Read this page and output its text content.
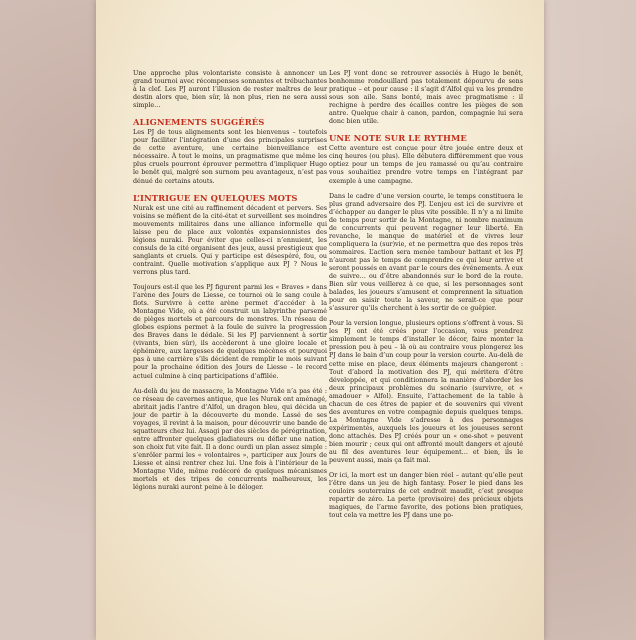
Une approche plus volontariste consiste à annoncer un grand tournoi avec récompenses sonnantes et trébuchantes à la clef. Les PJ auront l’illusion de rester maîtres de leur destin alors que, bien sûr, là non plus, rien ne sera aussi simple…

ALIGNEMENTS SUGGÉRÉS

Les PJ de tous alignements sont les bienvenus – toutefois pour faciliter l’intégration d’une des principales surprises de cette aventure, une certaine bienveillance est nécessaire. À tout le moins, un pragmatisme que même les plus cruels pourront éprouver permettra d’impliquer Hugo le benêt qui, malgré son surnom peu avantageux, n’est pas dénué de certains atouts.

L’INTRIGUE EN QUELQUES MOTS

Nurak est une cité au raffinement décadent et pervers. Ses voisins se méfient de la cité-état et surveillent ses moindres mouvements militaires dans une alliance informelle qui laisse peu de place aux volontés expansionnistes des légions nuraki. Pour éviter que celles-ci n’ennuient, les consuls de la cité organisent des jeux, aussi prestigieux que sanglants et cruels. Qui y participe est désespéré, fou, ou contraint. Quelle motivation s’applique aux PJ ? Nous le verrons plus tard.

Toujours est-il que les PJ figurent parmi les « Braves » dans l’arène des Jours de Liesse, ce tournoi où le sang coule à flots. Survivre à cette arène permet d’accéder à la Montagne Vide, où a été construit un labyrinthe parsemé de pièges mortels et parcours de monstres. Un réseau de globes espions permet à la foule de suivre la progression des Braves dans le dédale. Si les PJ parviennent à sortir (vivants, bien sûr), ils accèderont à une gloire locale et éphémère, aux largesses de quelques mécènes et pourquoi pas à une carrière s’ils décident de remplir le mois suivant pour la prochaine édition des Jours de Liesse – le record actuel culmine à cinq participations d’affilée.

Au-delà du jeu de massacre, la Montagne Vide n’a pas été : ce réseau de cavernes antique, que les Nurak ont aménagé, abritait jadis l’antre d’Alfol, un dragon bleu, qui décida un jour de partir à la découverte du monde. Lassé de ses voyages, il revint à la maison, pour découvrir une bande de squatteurs chez lui. Assagi par des siècles de pérégrination, entre affronter quelques gladiateurs ou défier une nation, son choix fut vite fait. Il a donc ourdi un plan assez simple : s’enrôler parmi les « volontaires », participer aux Jours de Liesse et ainsi rentrer chez lui. Une fois à l’intérieur de la Montagne Vide, même redécoré de quelques mécanismes mortels et des tripes de concurrents malheureux, les légions nuraki auront peine à le déloger.

Les PJ vont donc se retrouver associés à Hugo le benêt, bonhomme rondouillard pas totalement dépourvu de sens pratique – et pour cause : il s’agit d’Alfol qui va les prendre sous son aile. Sans bonté, mais avec pragmatisme : il rechigne à perdre des écailles contre les pièges de son antre. Quelque chair à canon, pardon, compagnie lui sera donc bien utile.

UNE NOTE SUR LE RYTHME

Cette aventure est conçue pour être jouée entre deux et cinq heures (ou plus). Elle débutera différemment que vous optiez pour un temps de jeu ramassé ou qu’au contraire vous souhaitiez prendre votre temps en l’intégrant par exemple à une campagne.

Dans le cadre d’une version courte, le temps constituera le plus grand adversaire des PJ. L’enjeu est ici de survivre et d’échapper au danger le plus vite possible. Il n’y a ni limite de temps pour sortir de la Montagne, ni nombre maximum de concurrents qui peuvent regagner leur liberté. En revanche, le manque de matériel et de vivres leur compliquera la (sur)vie, et ne permettra que des repos très sommaires. L’action sera menée tambour battant et les PJ n’auront pas le temps de comprendre ce qui leur arrive et seront poussés en avant par le cours des événements. À eux de suivre… ou d’être abandonnés sur le bord de la route. Bien sûr vous veillerez à ce que, si les personnages sont balades, les joueurs s’amusent et comprennent la situation pour en saisir toute la saveur, ne serait-ce que pour s’assurer qu’ils cherchent à les sortir de ce guêpier.

Pour la version longue, plusieurs options s’offrent à vous. Si les PJ ont été créés pour l’occasion, vous prendrez simplement le temps d’installer le décor, faire monter la pression peu à peu – là où au contraire vous plongerez les PJ dans le bain d’un coup pour la version courte. Au-delà de cette mise en place, deux éléments majeurs changeront : Tout d’abord la motivation des PJ, qui méritera d’être développée, et qui conditionnera la manière d’aborder les deux principaux problèmes du scénario (survivre, et « amadouer » Alfol). Ensuite, l’attachement de la table à chacun de ces êtres de papier et de souvenirs qui vivent des aventures en votre compagnie depuis quelques temps. La Montagne Vide s’adresse à des personnages expérimentés, auxquels les joueurs et les joueuses seront donc attachés. Des PJ créés pour un « one-shot » peuvent bien mourir ; ceux qui ont affronté moult dangers et ajouté au fil des aventures leur équipement… et bien, ils le peuvent aussi, mais ça fait mal.

Or ici, la mort est un danger bien réel – autant qu’elle peut l’être dans un jeu de high fantasy. Poser le pied dans les couloirs souterrains de cet endroit maudit, c’est presque repartir de zéro. La perte (provisoire) des précieux objets magiques, de l’arme favorite, des potions bien pratiques, tout cela va mettre les PJ dans une po-
